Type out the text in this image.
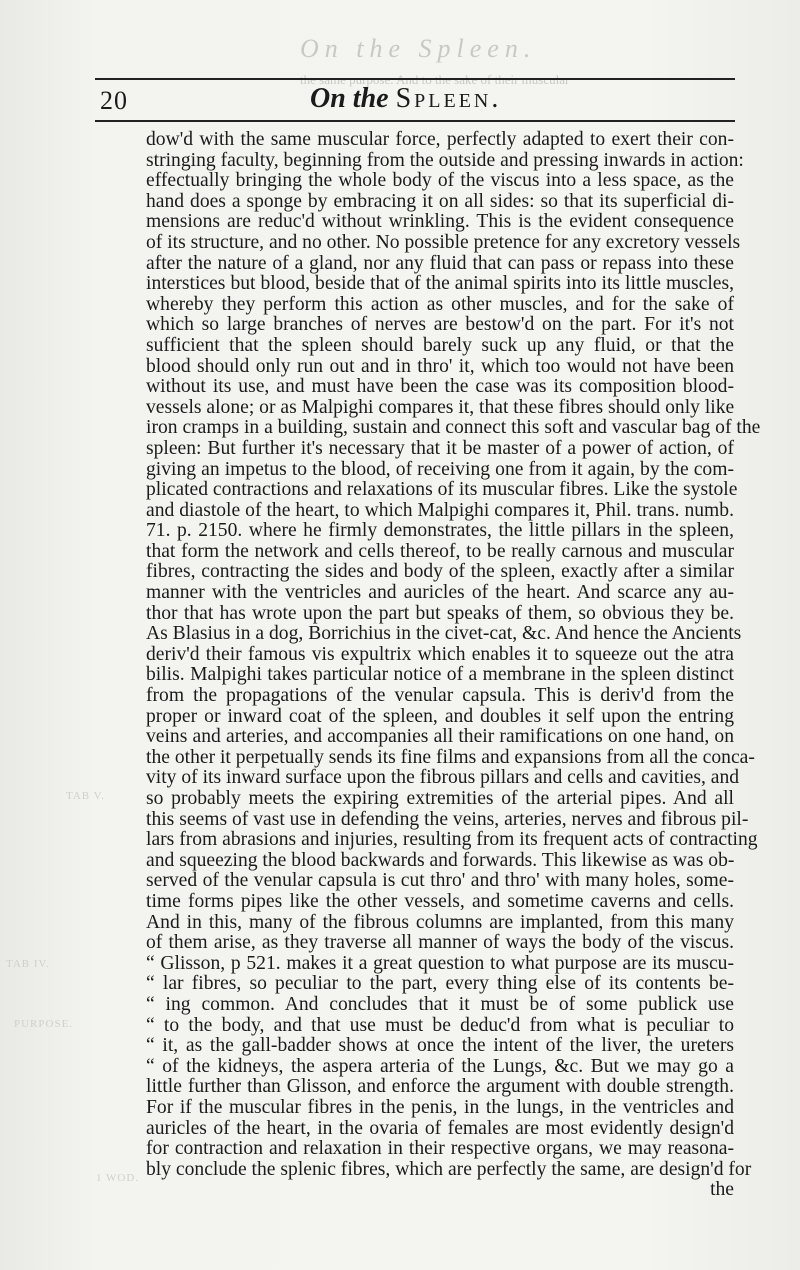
On the Spleen.
the same purpose. And to the sake of their muscular
TAB V.
TAB IV.
PURPOSE.
1 WOD.
20	On the Spleen.
dow'd with the same muscular force, perfectly adapted to exert their con-
stringing faculty, beginning from the outside and pressing inwards in action:
effectually bringing the whole body of the viscus into a less space, as the
hand does a sponge by embracing it on all sides: so that its superficial di-
mensions are reduc'd without wrinkling. This is the evident consequence
of its structure, and no other. No possible pretence for any excretory vessels
after the nature of a gland, nor any fluid that can pass or repass into these
interstices but blood, beside that of the animal spirits into its little muscles,
whereby they perform this action as other muscles, and for the sake of
which so large branches of nerves are bestow'd on the part. For it's not
sufficient that the spleen should barely suck up any fluid, or that the
blood should only run out and in thro' it, which too would not have been
without its use, and must have been the case was its composition blood-
vessels alone; or as Malpighi compares it, that these fibres should only like
iron cramps in a building, sustain and connect this soft and vascular bag of the
spleen: But further it's necessary that it be master of a power of action, of
giving an impetus to the blood, of receiving one from it again, by the com-
plicated contractions and relaxations of its muscular fibres. Like the systole
and diastole of the heart, to which Malpighi compares it, Phil. trans. numb.
71. p. 2150. where he firmly demonstrates, the little pillars in the spleen,
that form the network and cells thereof, to be really carnous and muscular
fibres, contracting the sides and body of the spleen, exactly after a similar
manner with the ventricles and auricles of the heart. And scarce any au-
thor that has wrote upon the part but speaks of them, so obvious they be.
As Blasius in a dog, Borrichius in the civet-cat, &c. And hence the Ancients
deriv'd their famous vis expultrix which enables it to squeeze out the atra
bilis. Malpighi takes particular notice of a membrane in the spleen distinct
from the propagations of the venular capsula. This is deriv'd from the
proper or inward coat of the spleen, and doubles it self upon the entring
veins and arteries, and accompanies all their ramifications on one hand, on
the other it perpetually sends its fine films and expansions from all the conca-
vity of its inward surface upon the fibrous pillars and cells and cavities, and
so probably meets the expiring extremities of the arterial pipes. And all
this seems of vast use in defending the veins, arteries, nerves and fibrous pil-
lars from abrasions and injuries, resulting from its frequent acts of contracting
and squeezing the blood backwards and forwards. This likewise as was ob-
served of the venular capsula is cut thro' and thro' with many holes, some-
time forms pipes like the other vessels, and sometime caverns and cells.
And in this, many of the fibrous columns are implanted, from this many
of them arise, as they traverse all manner of ways the body of the viscus.
“ Glisson, p 521. makes it a great question to what purpose are its muscu-
“ lar fibres, so peculiar to the part, every thing else of its contents be-
“ ing common. And concludes that it must be of some publick use
“ to the body, and that use must be deduc'd from what is peculiar to
“ it, as the gall-badder shows at once the intent of the liver, the ureters
“ of the kidneys, the aspera arteria of the Lungs, &c. But we may go a
little further than Glisson, and enforce the argument with double strength.
For if the muscular fibres in the penis, in the lungs, in the ventricles and
auricles of the heart, in the ovaria of females are most evidently design'd
for contraction and relaxation in their respective organs, we may reasona-
bly conclude the splenic fibres, which are perfectly the same, are design'd for
the
